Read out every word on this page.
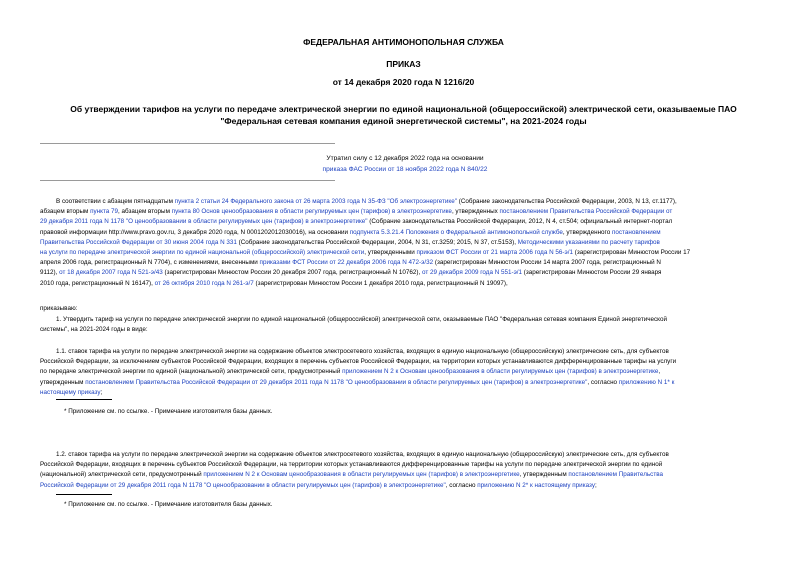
ФЕДЕРАЛЬНАЯ АНТИМОНОПОЛЬНАЯ СЛУЖБА
ПРИКАЗ
от 14 декабря 2020 года N 1216/20
Об утверждении тарифов на услуги по передаче электрической энергии по единой национальной (общероссийской) электрической сети, оказываемые ПАО "Федеральная сетевая компания единой энергетической системы", на 2021-2024 годы
Утратил силу с 12 декабря 2022 года на основании
приказа ФАС России от 18 ноября 2022 года N 840/22
В соответствии с абзацем пятнадцатым пункта 2 статьи 24 Федерального закона от 26 марта 2003 года N 35-ФЗ "Об электроэнергетике" (Собрание законодательства Российской Федерации, 2003, N 13, ст.1177),
абзацем вторым пункта 79, абзацем вторым пункта 80 Основ ценообразования в области регулируемых цен (тарифов) в электроэнергетике, утвержденных постановлением Правительства Российской Федерации от
29 декабря 2011 года N 1178 "О ценообразовании в области регулируемых цен (тарифов) в электроэнергетике" (Собрание законодательства Российской Федерации, 2012, N 4, ст.504; официальный интернет-портал
правовой информации http://www.pravo.gov.ru, 3 декабря 2020 года, N 0001202012030016), на основании подпункта 5.3.21.4 Положения о Федеральной антимонопольной службе, утвержденного постановлением
Правительства Российской Федерации от 30 июня 2004 года N 331 (Собрание законодательства Российской Федерации, 2004, N 31, ст.3259; 2015, N 37, ст.5153), Методическими указаниями по расчету тарифов
на услуги по передаче электрической энергии по единой национальной (общероссийской) электрической сети, утвержденными приказом ФСТ России от 21 марта 2006 года N 56-э/1 (зарегистрирован Минюстом России 17
апреля 2006 года, регистрационный N 7704), с изменениями, внесенными приказами ФСТ России от 22 декабря 2006 года N 472-э/32 (зарегистрирован Минюстом России 14 марта 2007 года, регистрационный N
9112), от 18 декабря 2007 года N 521-э/43 (зарегистрирован Минюстом России 20 декабря 2007 года, регистрационный N 10762), от 29 декабря 2009 года N 551-э/1 (зарегистрирован Минюстом России 29 января
2010 года, регистрационный N 16147), от 26 октября 2010 года N 261-э/7 (зарегистрирован Минюстом России 1 декабря 2010 года, регистрационный N 19097),
приказываю:
1. Утвердить тариф на услуги по передаче электрической энергии по единой национальной (общероссийской) электрической сети, оказываемые ПАО "Федеральная сетевая компания Единой энергетической
системы", на 2021-2024 годы в виде:
1.1. ставок тарифа на услуги по передаче электрической энергии на содержание объектов электросетевого хозяйства, входящих в единую национальную (общероссийскую) электрические сеть, для субъектов
Российской Федерации, за исключением субъектов Российской Федерации, входящих в перечень субъектов Российской Федерации, на территории которых устанавливаются дифференцированные тарифы на услуги
по передаче электрической энергии по единой (национальной) электрической сети, предусмотренный приложением N 2 к Основам ценообразования в области регулируемых цен (тарифов) в электроэнергетике,
утвержденным постановлением Правительства Российской Федерации от 29 декабря 2011 года N 1178 "О ценообразовании в области регулируемых цен (тарифов) в электроэнергетике", согласно приложению N 1* к
настоящему приказу;
* Приложение см. по ссылке. - Примечание изготовителя базы данных.
1.2. ставок тарифа на услуги по передаче электрической энергии на содержание объектов электросетевого хозяйства, входящих в единую национальную (общероссийскую) электрические сеть, для субъектов
Российской Федерации, входящих в перечень субъектов Российской Федерации, на территории которых устанавливаются дифференцированные тарифы на услуги по передаче электрической энергии по единой
(национальной) электрической сети, предусмотренный приложением N 2 к Основам ценообразования в области регулируемых цен (тарифов) в электроэнергетике, утвержденным постановлением Правительства
Российской Федерации от 29 декабря 2011 года N 1178 "О ценообразовании в области регулируемых цен (тарифов) в электроэнергетике", согласно приложению N 2* к настоящему приказу;
* Приложение см. по ссылке. - Примечание изготовителя базы данных.
